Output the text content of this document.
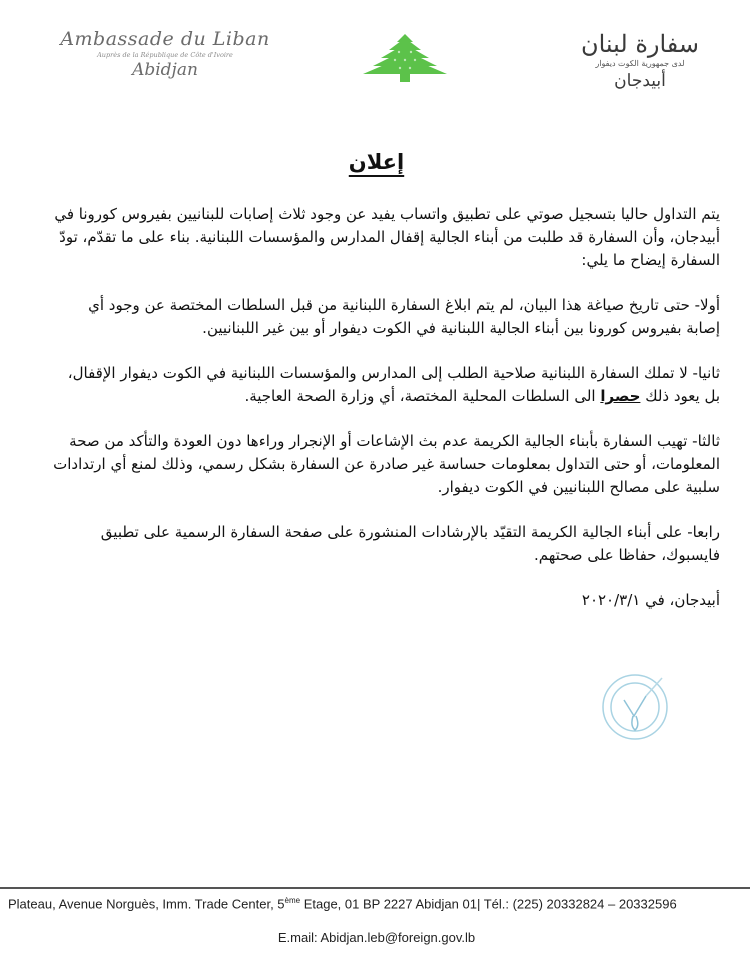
Ambassade du Liban
Auprès de la République de Côte d'Ivoire
Abidjan
سفارة لبنان
لدى جمهورية الكوت ديفوار
أبيدجان
إعلان

يتم التداول حاليا بتسجيل صوتي على تطبيق واتساب يفيد عن وجود ثلاث إصابات للبنانيين بفيروس كورونا في أبيدجان، وأن السفارة قد طلبت من أبناء الجالية إقفال المدارس والمؤسسات اللبنانية. بناء على ما تقدّم، تودّ السفارة إيضاح ما يلي:

أولا- حتى تاريخ صياغة هذا البيان، لم يتم ابلاغ السفارة اللبنانية من قبل السلطات المختصة عن وجود أي إصابة بفيروس كورونا بين أبناء الجالية اللبنانية في الكوت ديفوار أو بين غير اللبنانيين.

ثانيا- لا تملك السفارة اللبنانية صلاحية الطلب إلى المدارس والمؤسسات اللبنانية في الكوت ديفوار الإقفال، بل يعود ذلك حصرا الى السلطات المحلية المختصة، أي وزارة الصحة العاجية.

ثالثا- تهيب السفارة بأبناء الجالية الكريمة عدم بث الإشاعات أو الإنجرار وراءها دون العودة والتأكد من صحة المعلومات، أو حتى التداول بمعلومات حساسة غير صادرة عن السفارة بشكل رسمي، وذلك لمنع أي ارتدادات سلبية على مصالح اللبنانيين في الكوت ديفوار.

رابعا- على أبناء الجالية الكريمة التقيّد بالإرشادات المنشورة على صفحة السفارة الرسمية على تطبيق فايسبوك، حفاظا على صحتهم.

أبيدجان، في ٢٠٢٠/٣/١

Plateau, Avenue Norguès, Imm. Trade Center, 5ème Etage, 01 BP 2227 Abidjan 01| Tél.: (225) 20332824 – 20332596
E.mail: Abidjan.leb@foreign.gov.lb
